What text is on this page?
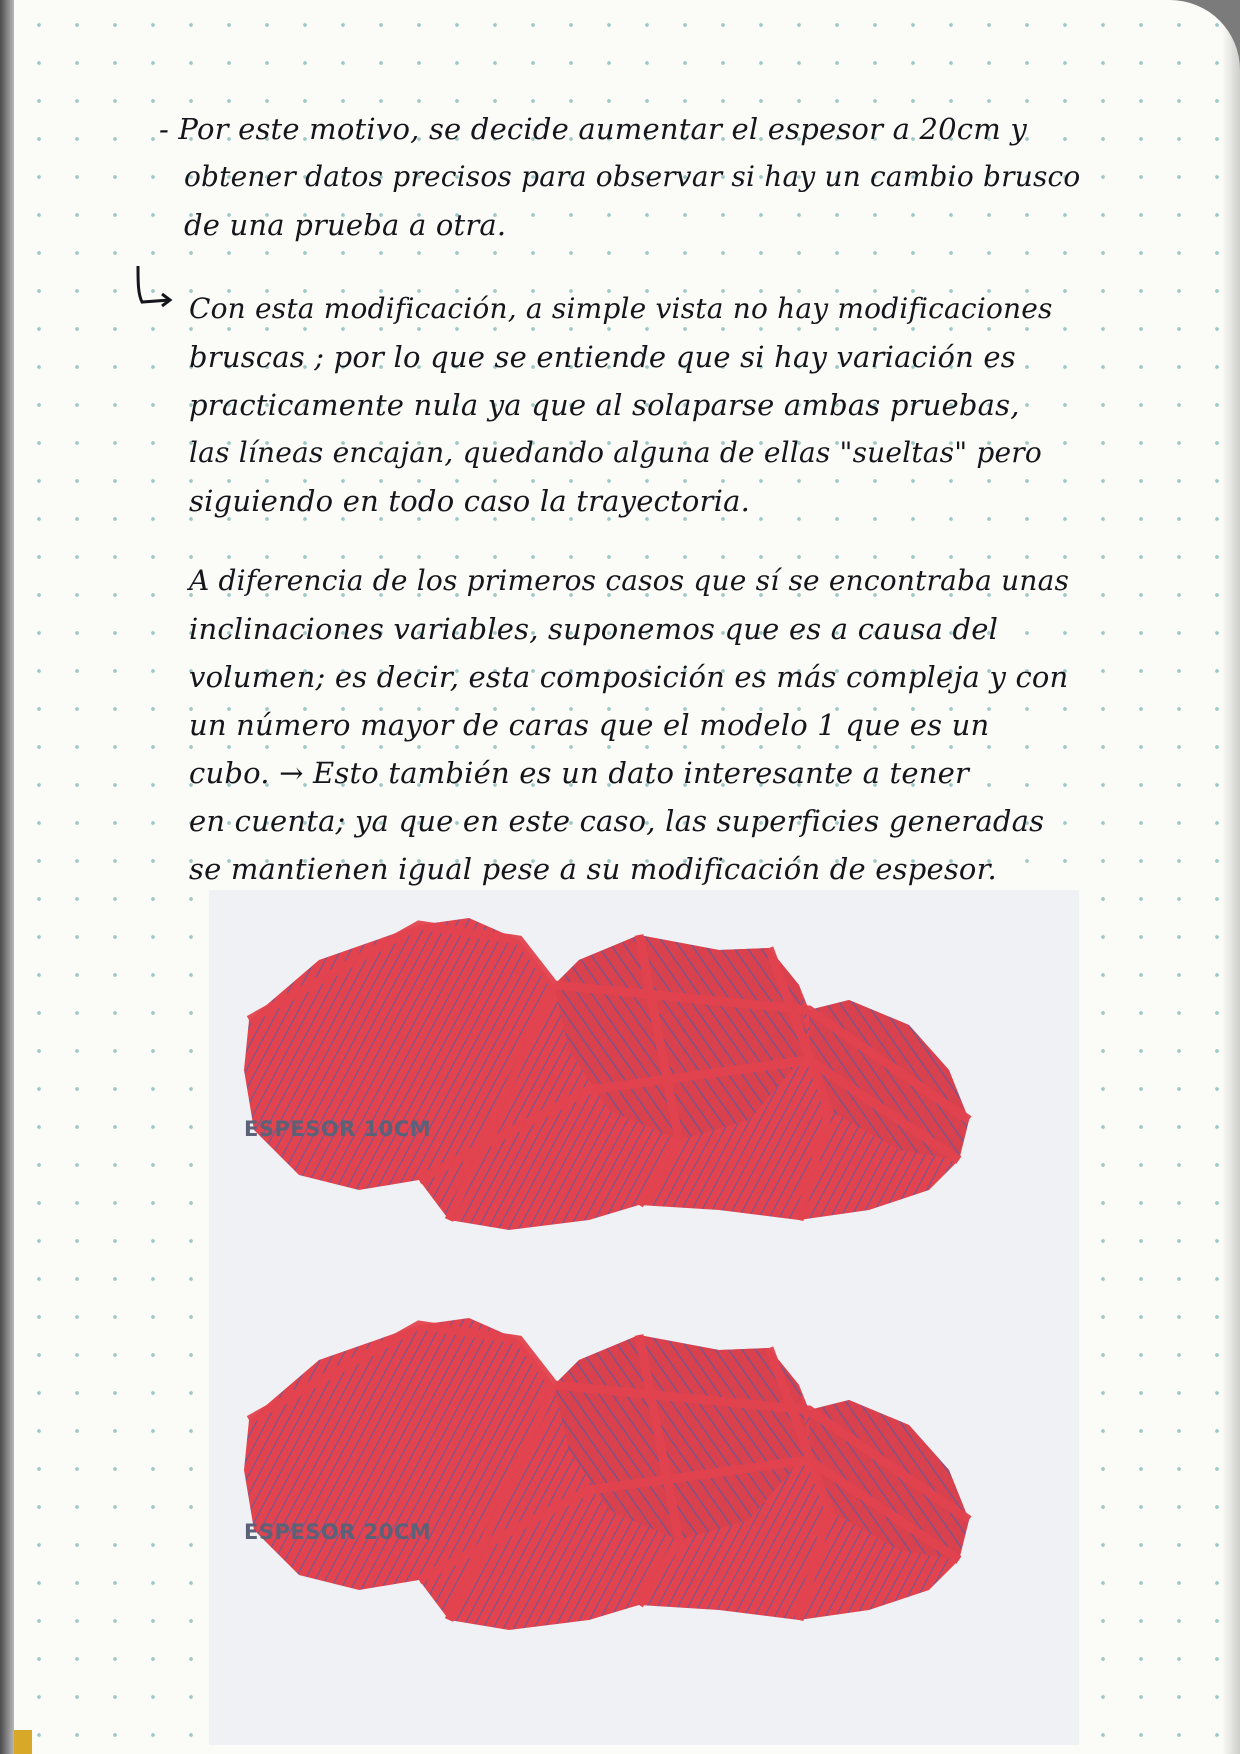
- Por este motivo, se decide aumentar el espesor a 20cm y
obtener datos precisos para observar si hay un cambio brusco
de una prueba a otra.
Con esta modificación, a simple vista no hay modificaciones
bruscas ; por lo que se entiende que si hay variación es
practicamente nula ya que al solaparse ambas pruebas,
las líneas encajan, quedando alguna de ellas "sueltas" pero
siguiendo en todo caso la trayectoria.
A diferencia de los primeros casos que sí se encontraba unas
inclinaciones variables, suponemos que es a causa del
volumen; es decir, esta composición es más compleja y con
un número mayor de caras que el modelo 1 que es un
cubo. → Esto también es un dato interesante a tener
en cuenta; ya que en este caso, las superficies generadas
se mantienen igual pese a su modificación de espesor.
ESPESOR 10CM
ESPESOR 20CM
